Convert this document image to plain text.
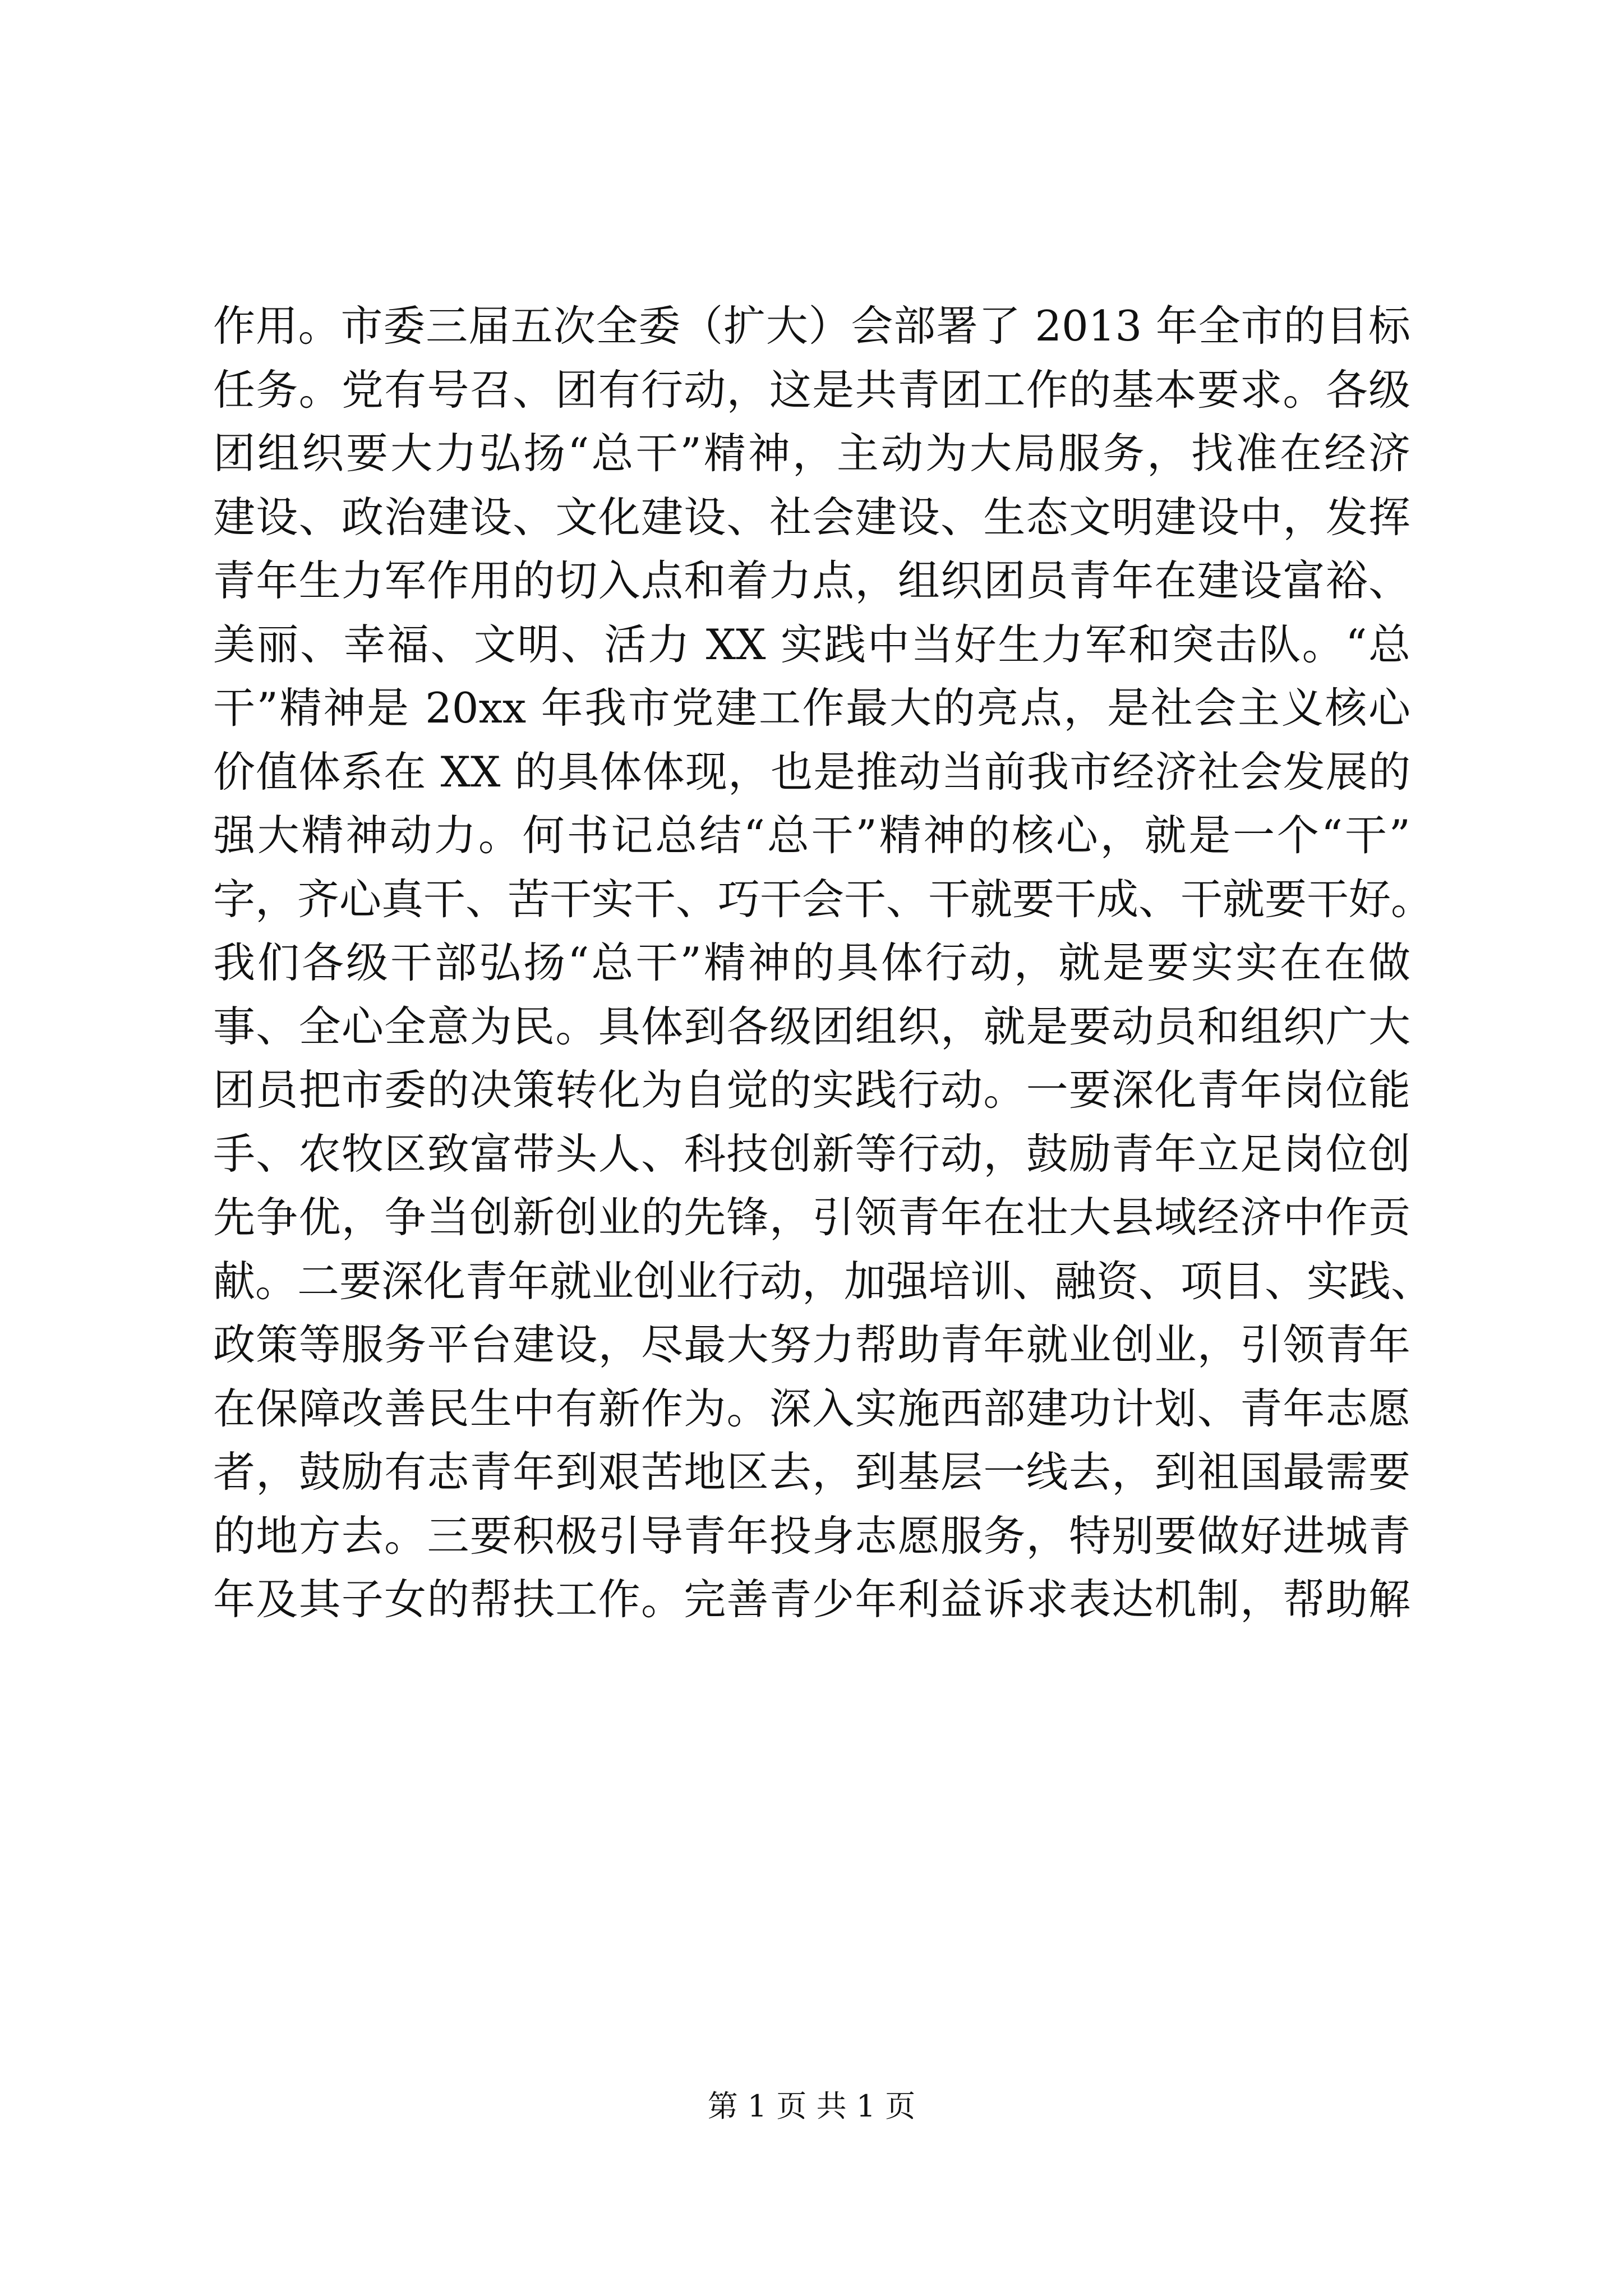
作用。市委三届五次全委（扩大）会部署了 2013 年全市的目标
任务。党有号召、团有行动，这是共青团工作的基本要求。各级
团组织要大力弘扬“总干”精神，主动为大局服务，找准在经济
建设、政治建设、文化建设、社会建设、生态文明建设中，发挥
青年生力军作用的切入点和着力点，组织团员青年在建设富裕、
美丽、幸福、文明、活力 XX 实践中当好生力军和突击队。“总
干”精神是 20xx 年我市党建工作最大的亮点，是社会主义核心
价值体系在 XX 的具体体现，也是推动当前我市经济社会发展的
强大精神动力。何书记总结“总干”精神的核心，就是一个“干”
字，齐心真干、苦干实干、巧干会干、干就要干成、干就要干好。
我们各级干部弘扬“总干”精神的具体行动，就是要实实在在做
事、全心全意为民。具体到各级团组织，就是要动员和组织广大
团员把市委的决策转化为自觉的实践行动。一要深化青年岗位能
手、农牧区致富带头人、科技创新等行动，鼓励青年立足岗位创
先争优，争当创新创业的先锋，引领青年在壮大县域经济中作贡
献。二要深化青年就业创业行动，加强培训、融资、项目、实践、
政策等服务平台建设，尽最大努力帮助青年就业创业，引领青年
在保障改善民生中有新作为。深入实施西部建功计划、青年志愿
者，鼓励有志青年到艰苦地区去，到基层一线去，到祖国最需要
的地方去。三要积极引导青年投身志愿服务，特别要做好进城青
年及其子女的帮扶工作。完善青少年利益诉求表达机制，帮助解
第 1 页 共 1 页
